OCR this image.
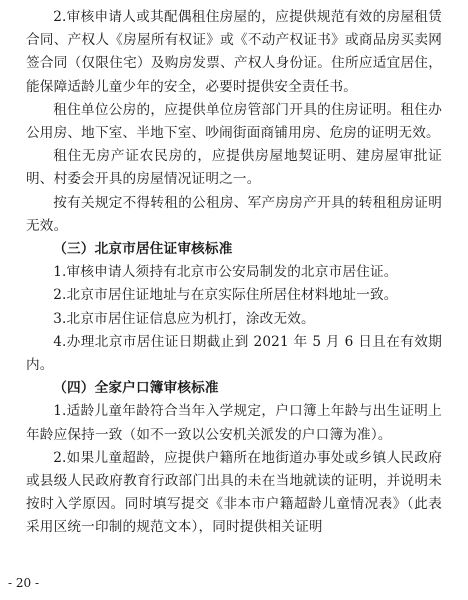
2.审核申请人或其配偶租住房屋的，应提供规范有效的房屋租赁合同、产权人《房屋所有权证》或《不动产权证书》或商品房买卖网签合同（仅限住宅）及购房发票、产权人身份证。住所应适宜居住，能保障适龄儿童少年的安全，必要时提供安全责任书。

租住单位公房的，应提供单位房管部门开具的住房证明。租住办公用房、地下室、半地下室、吵闹街面商铺用房、危房的证明无效。

租住无房产证农民房的，应提供房屋地契证明、建房屋审批证明、村委会开具的房屋情况证明之一。

按有关规定不得转租的公租房、军产房房产开具的转租租房证明无效。

（三）北京市居住证审核标准

1.审核申请人须持有北京市公安局制发的北京市居住证。

2.北京市居住证地址与在京实际住所居住材料地址一致。

3.北京市居住证信息应为机打，涂改无效。

4.办理北京市居住证日期截止到 2021 年 5 月 6 日且在有效期内。

（四）全家户口簿审核标准

1.适龄儿童年龄符合当年入学规定，户口簿上年龄与出生证明上年龄应保持一致（如不一致以公安机关派发的户口簿为准）。

2.如果儿童超龄，应提供户籍所在地街道办事处或乡镇人民政府或县级人民政府教育行政部门出具的未在当地就读的证明，并说明未按时入学原因。同时填写提交《非本市户籍超龄儿童情况表》（此表采用区统一印制的规范文本），同时提供相关证明

- 20 -
